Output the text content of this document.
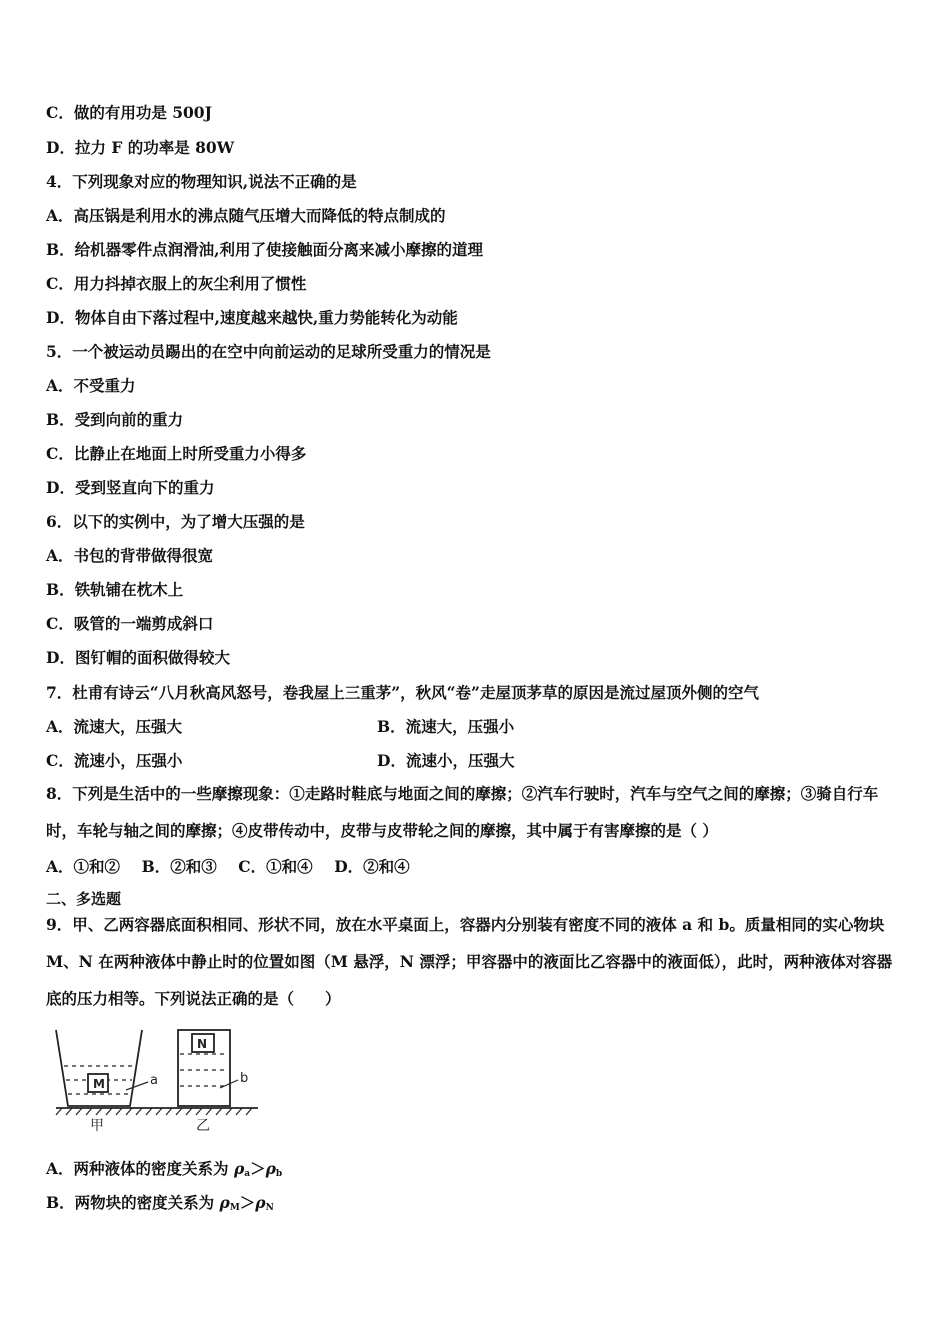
C．做的有用功是 500J
D．拉力 F 的功率是 80W
4．下列现象对应的物理知识,说法不正确的是
A．高压锅是利用水的沸点随气压增大而降低的特点制成的
B．给机器零件点润滑油,利用了使接触面分离来减小摩擦的道理
C．用力抖掉衣服上的灰尘利用了惯性
D．物体自由下落过程中,速度越来越快,重力势能转化为动能
5．一个被运动员踢出的在空中向前运动的足球所受重力的情况是
A．不受重力
B．受到向前的重力
C．比静止在地面上时所受重力小得多
D．受到竖直向下的重力
6．以下的实例中，为了增大压强的是
A．书包的背带做得很宽
B．铁轨铺在枕木上
C．吸管的一端剪成斜口
D．图钉帽的面积做得较大
7．杜甫有诗云“八月秋高风怒号，卷我屋上三重茅”，秋风“卷”走屋顶茅草的原因是流过屋顶外侧的空气
A．流速大，压强大	B．流速大，压强小
C．流速小，压强小	D．流速小，压强大
8．下列是生活中的一些摩擦现象：①走路时鞋底与地面之间的摩擦；②汽车行驶时，汽车与空气之间的摩擦；③骑自行车时，车轮与轴之间的摩擦；④皮带传动中，皮带与皮带轮之间的摩擦，其中属于有害摩擦的是（ ）
A．①和②    B．②和③    C．①和④    D．②和④
二、多选题
9．甲、乙两容器底面积相同、形状不同，放在水平桌面上，容器内分别装有密度不同的液体 a 和 b。质量相同的实心物块 M、N 在两种液体中静止时的位置如图（M 悬浮，N 漂浮；甲容器中的液面比乙容器中的液面低），此时，两种液体对容器底的压力相等。下列说法正确的是（　　）
M
N
a	b
甲	乙
A．两种液体的密度关系为 $\rho_a>\rho_b$
B．两物块的密度关系为 $\rho_M>\rho_N$
